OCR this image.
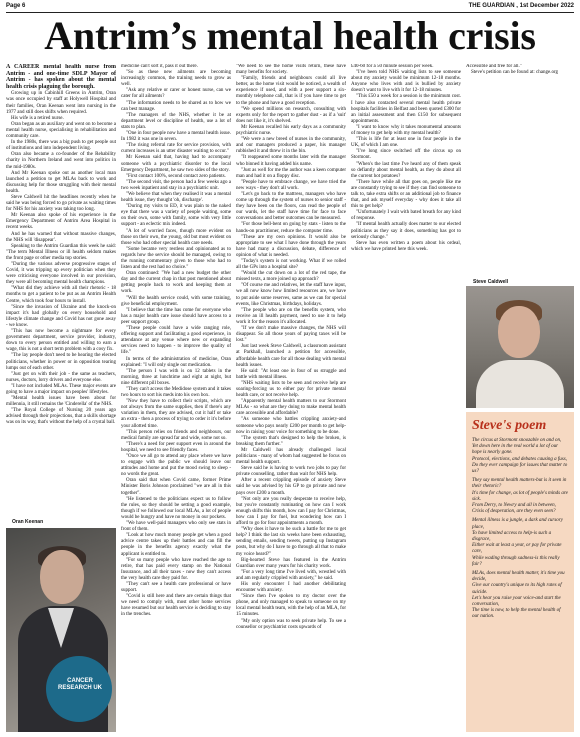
Page 6	THE GUARDIAN , 1st December 2022
Antrim’s mental health crisis

A CAREER mental health nurse from Antrim - and one-time SDLP Mayor of Antrim - has spoken about the mental health crisis plaguing the borough.

Growing up in Cabinhill Greens in Antrim, Oran was once occupied by staff at Holywell Hospital and their families, Oran Keenan went into nursing in the 1977 and still does shifts when required.

His wife is a retired nurse.

Oran began as an auxiliary and went on to become a mental health nurse, specialising in rehabilitation and community care.

In the 1980s, there was a big push to get people out of institutions and into independent living.

Oran also became a co-founder of the Rehability charity in Northern Ireland and went into politics in the mid-1980s.

And Mr Keenan spoke out as another local man launched a petition to get MLAs back to work and discussing help for those struggling with their mental health.

Steve Caldwell hit the headlines recently when he said he was being forced to go private as waiting times for NHS for his anxiety was taking too long.

Mr Keenan also spoke of his experience in the Emergency Department of Antrim Area Hospital in recent weeks.

And he has warned that without massive changes, the NHS will 'disappear'.

Speaking to the Antrim Guardian this week he said: "The term Mental Illness or ill health seldom makes the front page or other media top stories.

"During the various adverse progressive stages of Covid, it was tripping up every politician when they were criticising everyone involved in our provision, they were all becoming mental health champions.

"What did they achieve with all their rhetoric - 18 months to get a patient to be put as an Antrim Health Centre, which took four hours to install.

"Since the invasion of Ukraine and the knock-on impact it's had globally on every household and lifestyle climate change and Covid has not gone away - we know.

"This has now become a nightmare for every government department, service provider, industry, down to every person entitled and willing to earn a wage, this is not a short term problem with a cosy fix.

"The lay people don't need to be hearing the elected politicians, whether in power or in opposition tearing lumps out of each other.

"Just get on with their job - the same as teachers, nurses, doctors, lorry drivers and everyone else.

"I have not included MLAs. These major events are going to have a major impact on peoples' lifestyles.

"Mental health issues have been about for millennia, it still remains the 'Cinderella' of the NHS.

"The Royal College of Nursing 20 years ago advised through their projections, that a skills shortage was on its way, that's without the help of a crystal ball.

medicine can't sort it, pass it out there.

"So as these new ailments are becoming increasingly common, the training needs to grow as well.

"Ask any relative or carer or honest nurse, can we cater for all ailments?

"The information needs to be shared as to how we can best manage.

"The managers of the NHS, whether it be at department level or discipline of health, use a lot of stats to plan.

"One in four people now have a mental health issue. In 1982 it was one in seven.

"The rising referral rate for service provision, with current increases is an utter disaster waiting to occur."

Mr Keenan said that, having had to accompany someone with a psychiatric disorder to the local Emergency Department, he saw two sides of the story.

"First contact 100%, second contact zero patients.

"The second visit, the person had a few weeks ago a two week inpatient and stay in a psychiatric unit.

"We believe that when they realised it was a mental health issue, they thought 'oh, discharge'.

"During my visits to ED, it was plain to the naked eye that there was a variety of people waiting, some on their own, some with family, some with very little support - an eclectic mix indeed.

"A lot of worried faces, though more evident on those on their own, the young, old but most evident on those who had other special health care needs.

"Some became very restless and opinionated as to regards how the service should be managed, owing to the running commentary given to those who had to listen and the rest had no choice."

Oran continued: "We had a new budget the other day and the current chap in that post mentioned about getting people back to work and keeping them at work.

"Will the health service could, with some training, give beneficial employment.

"I believe that the time has come for everyone who has a major health care issue should have access to a peer support group.

"These people could have a wide ranging role, offering support and facilitating a good experience, in attendance at any venue where new or expanding services need to happen - to improve the quality of life."

In terms of the administration of medicine, Oran explained: "I will only single out medication.

"The person I was with is on 12 tablets in the morning, three at lunchtime and eight at night, but nine different pill boxes.

"They can't access the Medidose system and it takes two hours to sort his meds into his own box.

"Now they have to collect their scripts, which are not always from the same supplies, then if there's any variation in them, they are advised, cut it half or take an extra - then a process of trying to order it it's before your allotted time.

"This person relies on friends and neighbours, our medical family are spread far and wide, some not so.

"There's a need for peer support even in around the hospital, we need to see friendly faces.

"Once we all go to attend any place where we have to engage with the public we should leave our attitudes and home and put the mood swing to sleep - no words the great.

Oran said that when Covid came, former Prime Minister Boris Johnson proclaimed "we are all in this together".

"He listened to the politicians expect us to follow the rules, so they should be setting a good example, though if we followed our local MLAs, a lot of people would be hungry and have no money in our pockets.

"We have well-paid managers who only see stats in front of them.

"Look at how much money people get when a good advice centre takes up their battles and can fill the people in the benefits agency exactly what the applicant is entitled to.

"For so many people who have reached the age to retire, that has paid every stamp on the National Insurance, and all their taxes - now they can't access the very health care they paid for.

"They can't see a health care professional or have support.

"Covid is still here and there are certain things that we need to comply with, most other home services have resumed but our health service is deciding to stay in the trenches.

"We need to see the home visits return, these have many benefits for society.

"Family, friends and neighbours could all live better, as the home visit would be noticed, a wealth of experience if used, and with a peer support a six-monthly telephone call, that is if you have time to get to the phone and have a good reception.

"We spend millions on research, consulting with experts only for the report to gather dust - as if a 'suit' does not like it, it's shelved.

Mr Keenan recalled his early days as a community psychiatric nurse.

"We were a new breed of nurses in the community, and our managers produced a paper, his manager rubbished it and threw it in the bin.

"It reappeared some months later with the manager who binned it having added his name.

"Just as well for me the author was a keen computer man and had it on a floppy disc.

"People have to embrace change, we have tried the new ways - they don't all work.

"Let's go back to the mattress, managers who have come up through the system of nurses to senior staff - they have been on the floors, can read the people of our wards, let the staff have time for face to face conversations and better outcomes can be measured.

"For those bell-bent on going by stats - listen to the hands-on practitioner, reduce the computer time.

"These are my own opinions. It would also be appropriate to see what I have done through the years have had many a discussion, debate, difference of opinion of what is needed.

"Today's system is not working. What if we rolled all the GPs into a hospital site?

"Would the cut down on a lot of the red tape, the missed texts, a more joined up approach?

"Of course me and relatives, let the staff have input, we all now know how limited resources are, we have to put aside some reserves, same as we can for special events, like Christmas, birthdays, holidays.

"The people who are on the benefits system, who receive an ill health payment, need to use it to help work it for the reason it's allocated.

"If we don't make massive changes, the NHS will disappear. So all those years of paying taxes will be lost."

Just last week Steve Caldwell, a classroom assistant at Parkhall, launched a petition for accessible, affordable health care for all those dealing with mental health issues.

He said: "At least one in four of us struggle and battle with mental illness.

"NHS waiting lists to be seen and receive help are soaring-forcing us to either pay for private mental health care, or not receive help.

"Apparently mental health matters to our Stormont MLAs - so what are they doing to make mental health care accessible and affordable?

"As someone who battles crippling anxiety-and someone who pays nearly £200 per month to get help-now in raising your voice for something to be done.

"The system that's designed to help the broken, is breaking them further."

Mr Caldwell has already challenged local politicians - many of whom had suggested he focus on mental health support.

Steve said he is having to work two jobs to pay for private counselling, rather than wait for NHS help.

After a recent crippling episode of anxiety Steve said he was advised by his GP to go private and now pays over £200 a month.

"Not only are you really desperate to receive help, but you're constantly ruminating on how can I work enough shifts this month, how can I pay for Christmas, how can I pay for fuel, but wondering how can I afford to go for four appointments a month.

"Why does it have to be such a battle for me to get help? I think the last six weeks have been exhausting, sending emails, sending tweets, putting up Instagram posts, but why do I have to go through all that to make my voice heard?"

Big-hearted Steve has featured in the Antrim Guardian over many years for his charity work.

"For a very long time I've lived with, wrestled with and am regularly crippled with anxiety," he said.

His only encounter I had another debilitating encounter with anxiety.

"Since then I've spoken to my doctor over the phone, and only managed to speak to someone on my local mental health team, with the help of an MLA, for 15 minutes.

"My only option was to seek private help. To see a counsellor or psychiatrist costs upwards of

£40-60 for a 50 minute session per week.

"I've been told NHS waiting lists to see someone about my anxiety would be minimum 12-18 months. Anyone who lives with and is bullied by anxiety doesn't want to live with it for 12-18 minutes.

"This £50 a week for a session is the minimum cost. I have also contacted several mental health private hospitals facilities in Belfast and been quoted £300 for an initial assessment and then £150 for subsequent appointments.

"I want to know why it takes monumental amounts of money to get help with my mental health?

"This is life for at least one in four people in the UK, of which I am one.

"I've long since switched off the circus up on Stormont.

"When's the last time I've heard any of them speak so defiantly about mental health, as they do about all the current hot potatoes?

"There have while all that goes on, people like me are constantly trying to see if they can find someone to talk to, take extra shifts or an additional job to finance that, and ask myself everyday - why does it take all this to get help?

"Unfortunately I wait with bated breath for any kind of response.

"If mental health actually does matter to our elected politicians as they say it does, something has got to seriously change."

Steve has even written a poem about his ordeal, which we have printed here this week.

Accessible and free for all."

Steve's petition can be found at: change.org

CANCER RESEARCH UK
Oran Keenan
Steve Caldwell
Steve's poem
The circus at Stormont snoozable on and on,
Yet down here in the real world a lot of our hope is nearly gone.
Protocol, elections, and debates causing a fuss,
Do they ever campaign for issues that matter to us?
They say mental health matters-but is it seen in their rhetoric?
It's time for change, as lot of people's minds are sick.
From Derry, to Newry and all in between,
Crisis of desperation, are they even seen?
Mental illness is a jungle, a dark and cursory place,
To have limited access to help-is such a disgrace,
Either wait at least a year, or pay for private care,
While wading through sadness-is this really fair?
MLAs, does mental health matter, it's time you decide,
Give our country's unique to its high rates of suicide.
Let's hear you raise your voice-and start the conversation,
The time is now, to help the mental health of our nation.
